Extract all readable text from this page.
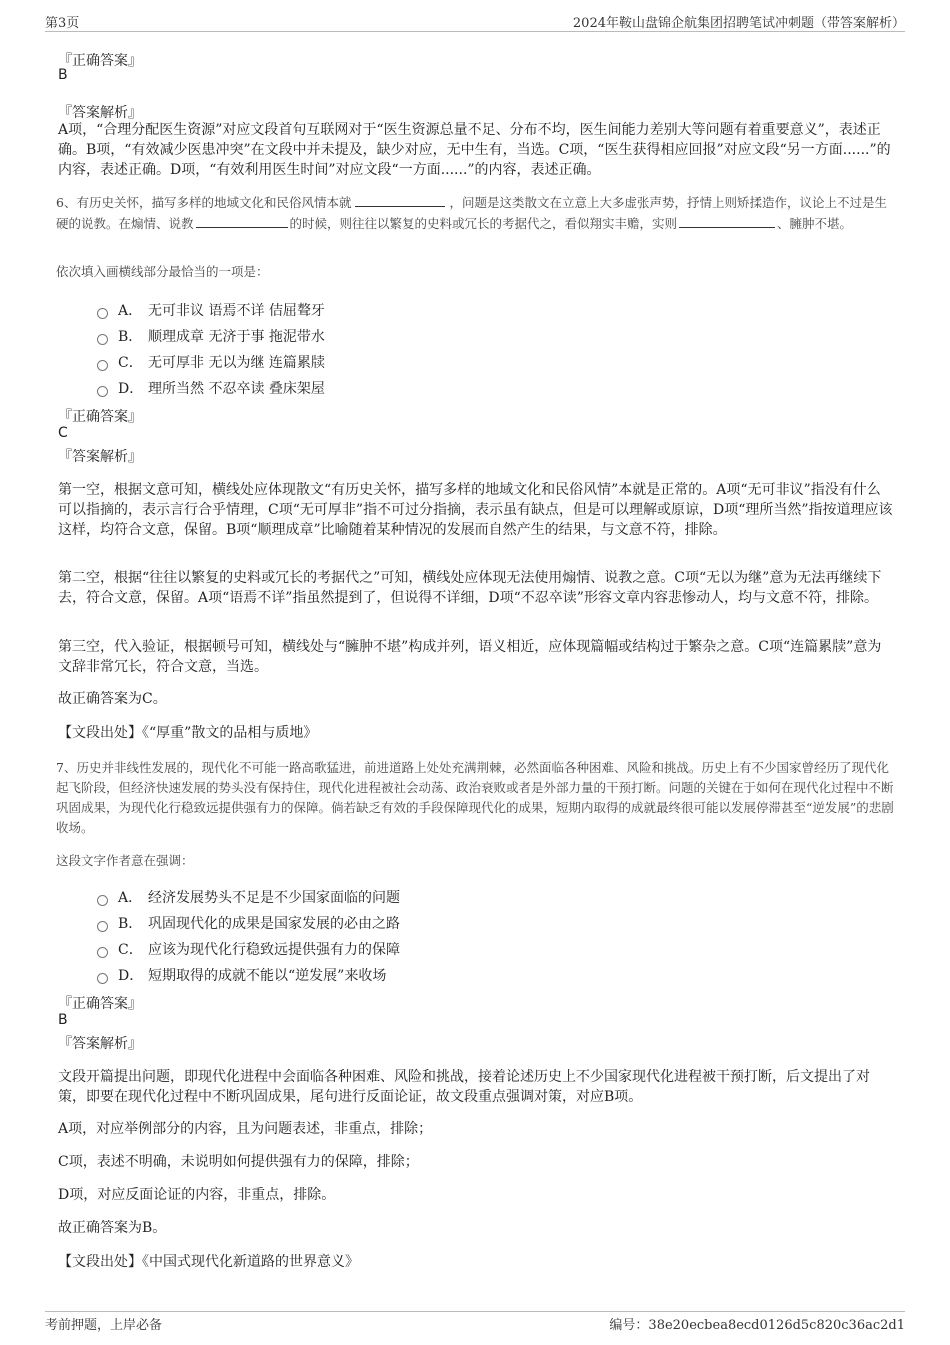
第3页	2024年鞍山盘锦企航集团招聘笔试冲刺题（带答案解析）
『正确答案』
B
『答案解析』
A项，“合理分配医生资源”对应文段首句互联网对于“医生资源总量不足、分布不均，医生间能力差别大等问题有着重要意义”，表述正确。B项，“有效减少医患冲突”在文段中并未提及，缺少对应，无中生有，当选。C项，“医生获得相应回报”对应文段“另一方面......”的内容，表述正确。D项，“有效利用医生时间”对应文段“一方面......”的内容，表述正确。
6、有历史关怀，描写多样的地域文化和民俗风情本就	，问题是这类散文在立意上大多虚张声势，抒情上则矫揉造作，议论上不过是生硬的说教。在煽情、说教	的时候，则往往以繁复的史料或冗长的考据代之，看似翔实丰赡，实则	、臃肿不堪。
依次填入画横线部分最恰当的一项是：
A． 无可非议 语焉不详 佶屈聱牙
B． 顺理成章 无济于事 拖泥带水
C． 无可厚非 无以为继 连篇累牍
D． 理所当然 不忍卒读 叠床架屋
『正确答案』
C
『答案解析』
第一空，根据文意可知，横线处应体现散文“有历史关怀，描写多样的地域文化和民俗风情”本就是正常的。A项“无可非议”指没有什么可以指摘的，表示言行合乎情理，C项“无可厚非”指不可过分指摘，表示虽有缺点，但是可以理解或原谅，D项“理所当然”指按道理应该这样，均符合文意，保留。B项“顺理成章”比喻随着某种情况的发展而自然产生的结果，与文意不符，排除。
第二空，根据“往往以繁复的史料或冗长的考据代之”可知，横线处应体现无法使用煽情、说教之意。C项“无以为继”意为无法再继续下去，符合文意，保留。A项“语焉不详”指虽然提到了，但说得不详细，D项“不忍卒读”形容文章内容悲惨动人，均与文意不符，排除。
第三空，代入验证，根据顿号可知，横线处与“臃肿不堪”构成并列，语义相近，应体现篇幅或结构过于繁杂之意。C项“连篇累牍”意为文辞非常冗长，符合文意，当选。
故正确答案为C。
【文段出处】《“厚重”散文的品相与质地》
7、历史并非线性发展的，现代化不可能一路高歌猛进，前进道路上处处充满荆棘，必然面临各种困难、风险和挑战。历史上有不少国家曾经历了现代化起飞阶段，但经济快速发展的势头没有保持住，现代化进程被社会动荡、政治衰败或者是外部力量的干预打断。问题的关键在于如何在现代化过程中不断巩固成果，为现代化行稳致远提供强有力的保障。倘若缺乏有效的手段保障现代化的成果，短期内取得的成就最终很可能以发展停滞甚至“逆发展”的悲剧收场。
这段文字作者意在强调：
A． 经济发展势头不足是不少国家面临的问题
B． 巩固现代化的成果是国家发展的必由之路
C． 应该为现代化行稳致远提供强有力的保障
D． 短期取得的成就不能以“逆发展”来收场
『正确答案』
B
『答案解析』
文段开篇提出问题，即现代化进程中会面临各种困难、风险和挑战，接着论述历史上不少国家现代化进程被干预打断，后文提出了对策，即要在现代化过程中不断巩固成果，尾句进行反面论证，故文段重点强调对策，对应B项。
A项，对应举例部分的内容，且为问题表述，非重点，排除；
C项，表述不明确，未说明如何提供强有力的保障，排除；
D项，对应反面论证的内容，非重点，排除。
故正确答案为B。
【文段出处】《中国式现代化新道路的世界意义》
考前押题，上岸必备	编号：38e20ecbea8ecd0126d5c820c36ac2d1
